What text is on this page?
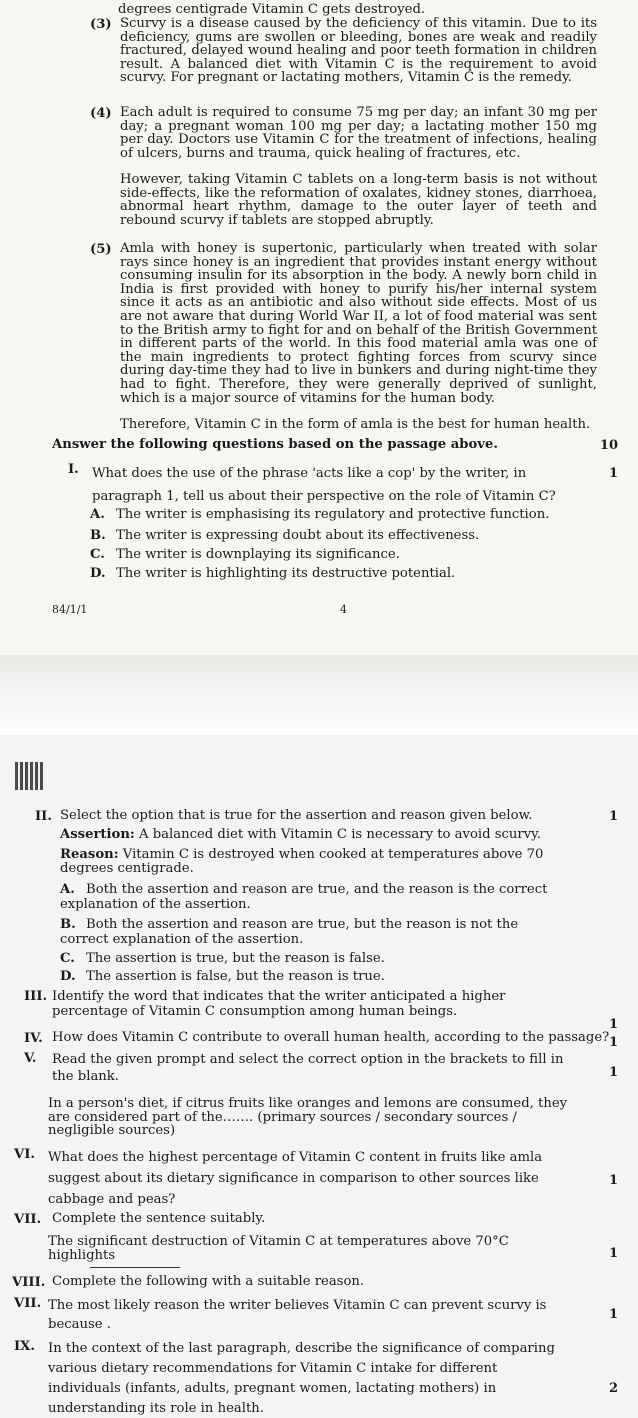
degrees centigrade Vitamin C gets destroyed.
(3) Scurvy is a disease caused by the deficiency of this vitamin. Due to its deficiency, gums are swollen or bleeding, bones are weak and readily fractured, delayed wound healing and poor teeth formation in children result. A balanced diet with Vitamin C is the requirement to avoid scurvy. For pregnant or lactating mothers, Vitamin C is the remedy.
(4) Each adult is required to consume 75 mg per day; an infant 30 mg per day; a pregnant woman 100 mg per day; a lactating mother 150 mg per day. Doctors use Vitamin C for the treatment of infections, healing of ulcers, burns and trauma, quick healing of fractures, etc.
However, taking Vitamin C tablets on a long-term basis is not without side-effects, like the reformation of oxalates, kidney stones, diarrhoea, abnormal heart rhythm, damage to the outer layer of teeth and rebound scurvy if tablets are stopped abruptly.
(5) Amla with honey is supertonic, particularly when treated with solar rays since honey is an ingredient that provides instant energy without consuming insulin for its absorption in the body. A newly born child in India is first provided with honey to purify his/her internal system since it acts as an antibiotic and also without side effects. Most of us are not aware that during World War II, a lot of food material was sent to the British army to fight for and on behalf of the British Government in different parts of the world. In this food material amla was one of the main ingredients to protect fighting forces from scurvy since during day-time they had to live in bunkers and during night-time they had to fight. Therefore, they were generally deprived of sunlight, which is a major source of vitamins for the human body.
Therefore, Vitamin C in the form of amla is the best for human health.
Answer the following questions based on the passage above.	10
I. What does the use of the phrase 'acts like a cop' by the writer, in paragraph 1, tell us about their perspective on the role of Vitamin C?
1
A. The writer is emphasising its regulatory and protective function.
B. The writer is expressing doubt about its effectiveness.
C. The writer is downplaying its significance.
D. The writer is highlighting its destructive potential.
84/1/1	4
II. Select the option that is true for the assertion and reason given below.	1
Assertion: A balanced diet with Vitamin C is necessary to avoid scurvy.
Reason: Vitamin C is destroyed when cooked at temperatures above 70 degrees centigrade.
A. Both the assertion and reason are true, and the reason is the correct explanation of the assertion.
B. Both the assertion and reason are true, but the reason is not the correct explanation of the assertion.
C. The assertion is true, but the reason is false.
D. The assertion is false, but the reason is true.
III. Identify the word that indicates that the writer anticipated a higher percentage of Vitamin C consumption among human beings.
1
IV. How does Vitamin C contribute to overall human health, according to the passage? 1
V. Read the given prompt and select the correct option in the brackets to fill in the blank.	1
In a person's diet, if citrus fruits like oranges and lemons are consumed, they are considered part of the……. (primary sources / secondary sources / negligible sources)
VI. What does the highest percentage of Vitamin C content in fruits like amla suggest about its dietary significance in comparison to other sources like cabbage and peas?
1
VII. Complete the sentence suitably.
The significant destruction of Vitamin C at temperatures above 70°C highlights	1
VIII. Complete the following with a suitable reason.
VII. The most likely reason the writer believes Vitamin C can prevent scurvy is because .
1
IX. In the context of the last paragraph, describe the significance of comparing various dietary recommendations for Vitamin C intake for different individuals (infants, adults, pregnant women, lactating mothers) in understanding its role in health.
2
